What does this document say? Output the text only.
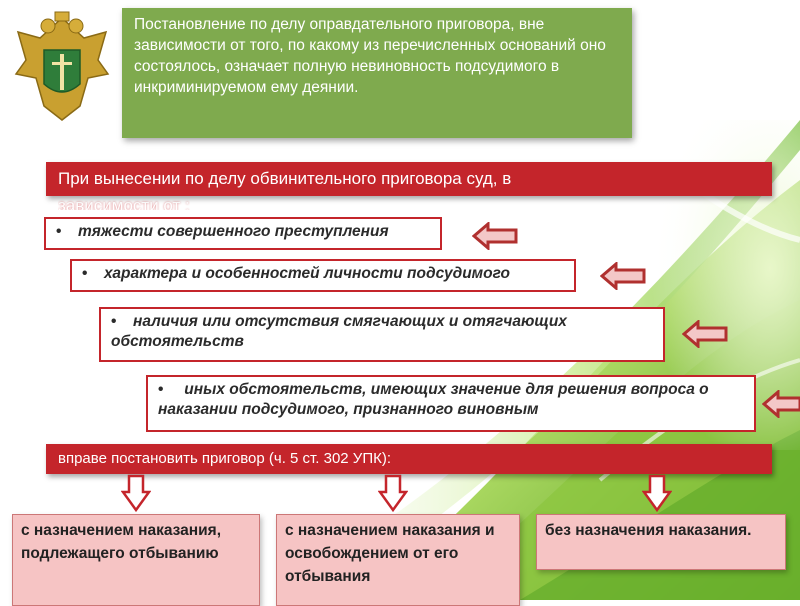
Постановление по делу оправдательного приговора, вне зависимости от того, по какому из перечисленных оснований оно состоялось, означает полную невиновность подсудимого в инкриминируемом ему деянии.
При вынесении по делу обвинительного приговора суд, в
зависимости от :
• тяжести совершенного преступления
• характера и особенностей личности подсудимого
• наличия или отсутствия смягчающих и отягчающих обстоятельств
• иных обстоятельств, имеющих значение для решения вопроса о наказании подсудимого, признанного виновным
вправе постановить приговор (ч. 5 ст. 302 УПК):
с назначением наказания, подлежащего отбыванию
с назначением наказания и освобождением от его отбывания
без назначения наказания.
